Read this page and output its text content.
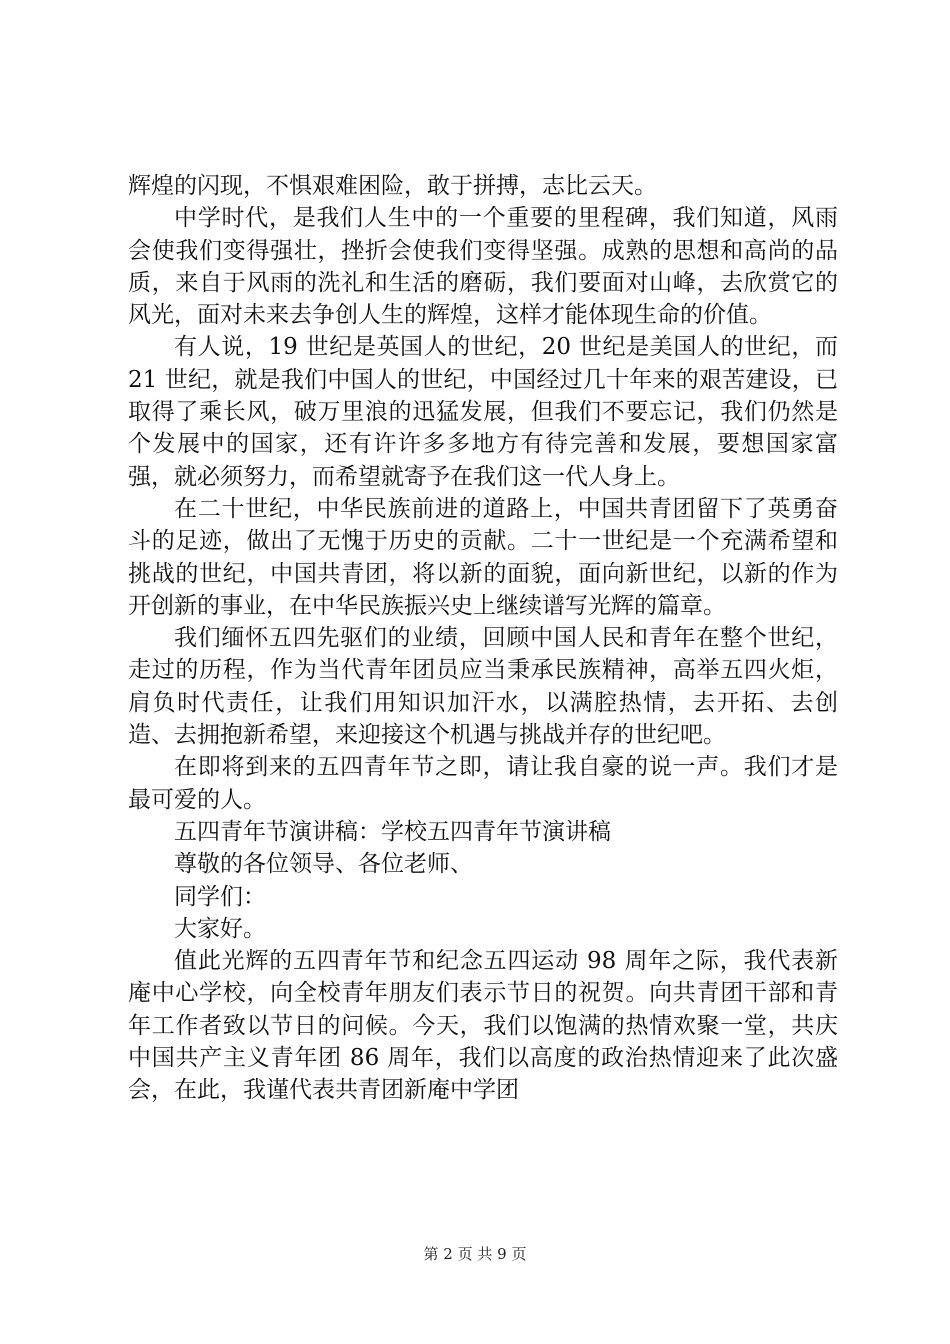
辉煌的闪现，不惧艰难困险，敢于拼搏，志比云天。

中学时代，是我们人生中的一个重要的里程碑，我们知道，风雨会使我们变得强壮，挫折会使我们变得坚强。成熟的思想和高尚的品质，来自于风雨的洗礼和生活的磨砺，我们要面对山峰，去欣赏它的风光，面对未来去争创人生的辉煌，这样才能体现生命的价值。

有人说，19 世纪是英国人的世纪，20 世纪是美国人的世纪，而 21 世纪，就是我们中国人的世纪，中国经过几十年来的艰苦建设，已取得了乘长风，破万里浪的迅猛发展，但我们不要忘记，我们仍然是个发展中的国家，还有许许多多地方有待完善和发展，要想国家富强，就必须努力，而希望就寄予在我们这一代人身上。

在二十世纪，中华民族前进的道路上，中国共青团留下了英勇奋斗的足迹，做出了无愧于历史的贡献。二十一世纪是一个充满希望和挑战的世纪，中国共青团，将以新的面貌，面向新世纪，以新的作为开创新的事业，在中华民族振兴史上继续谱写光辉的篇章。

我们缅怀五四先驱们的业绩，回顾中国人民和青年在整个世纪，走过的历程，作为当代青年团员应当秉承民族精神，高举五四火炬，肩负时代责任，让我们用知识加汗水，以满腔热情，去开拓、去创造、去拥抱新希望，来迎接这个机遇与挑战并存的世纪吧。

在即将到来的五四青年节之即，请让我自豪的说一声。我们才是最可爱的人。

五四青年节演讲稿：学校五四青年节演讲稿

尊敬的各位领导、各位老师、

同学们：

大家好。

值此光辉的五四青年节和纪念五四运动 98 周年之际，我代表新庵中心学校，向全校青年朋友们表示节日的祝贺。向共青团干部和青年工作者致以节日的问候。今天，我们以饱满的热情欢聚一堂，共庆中国共产主义青年团 86 周年，我们以高度的政治热情迎来了此次盛会，在此，我谨代表共青团新庵中学团

第 2 页 共 9 页
